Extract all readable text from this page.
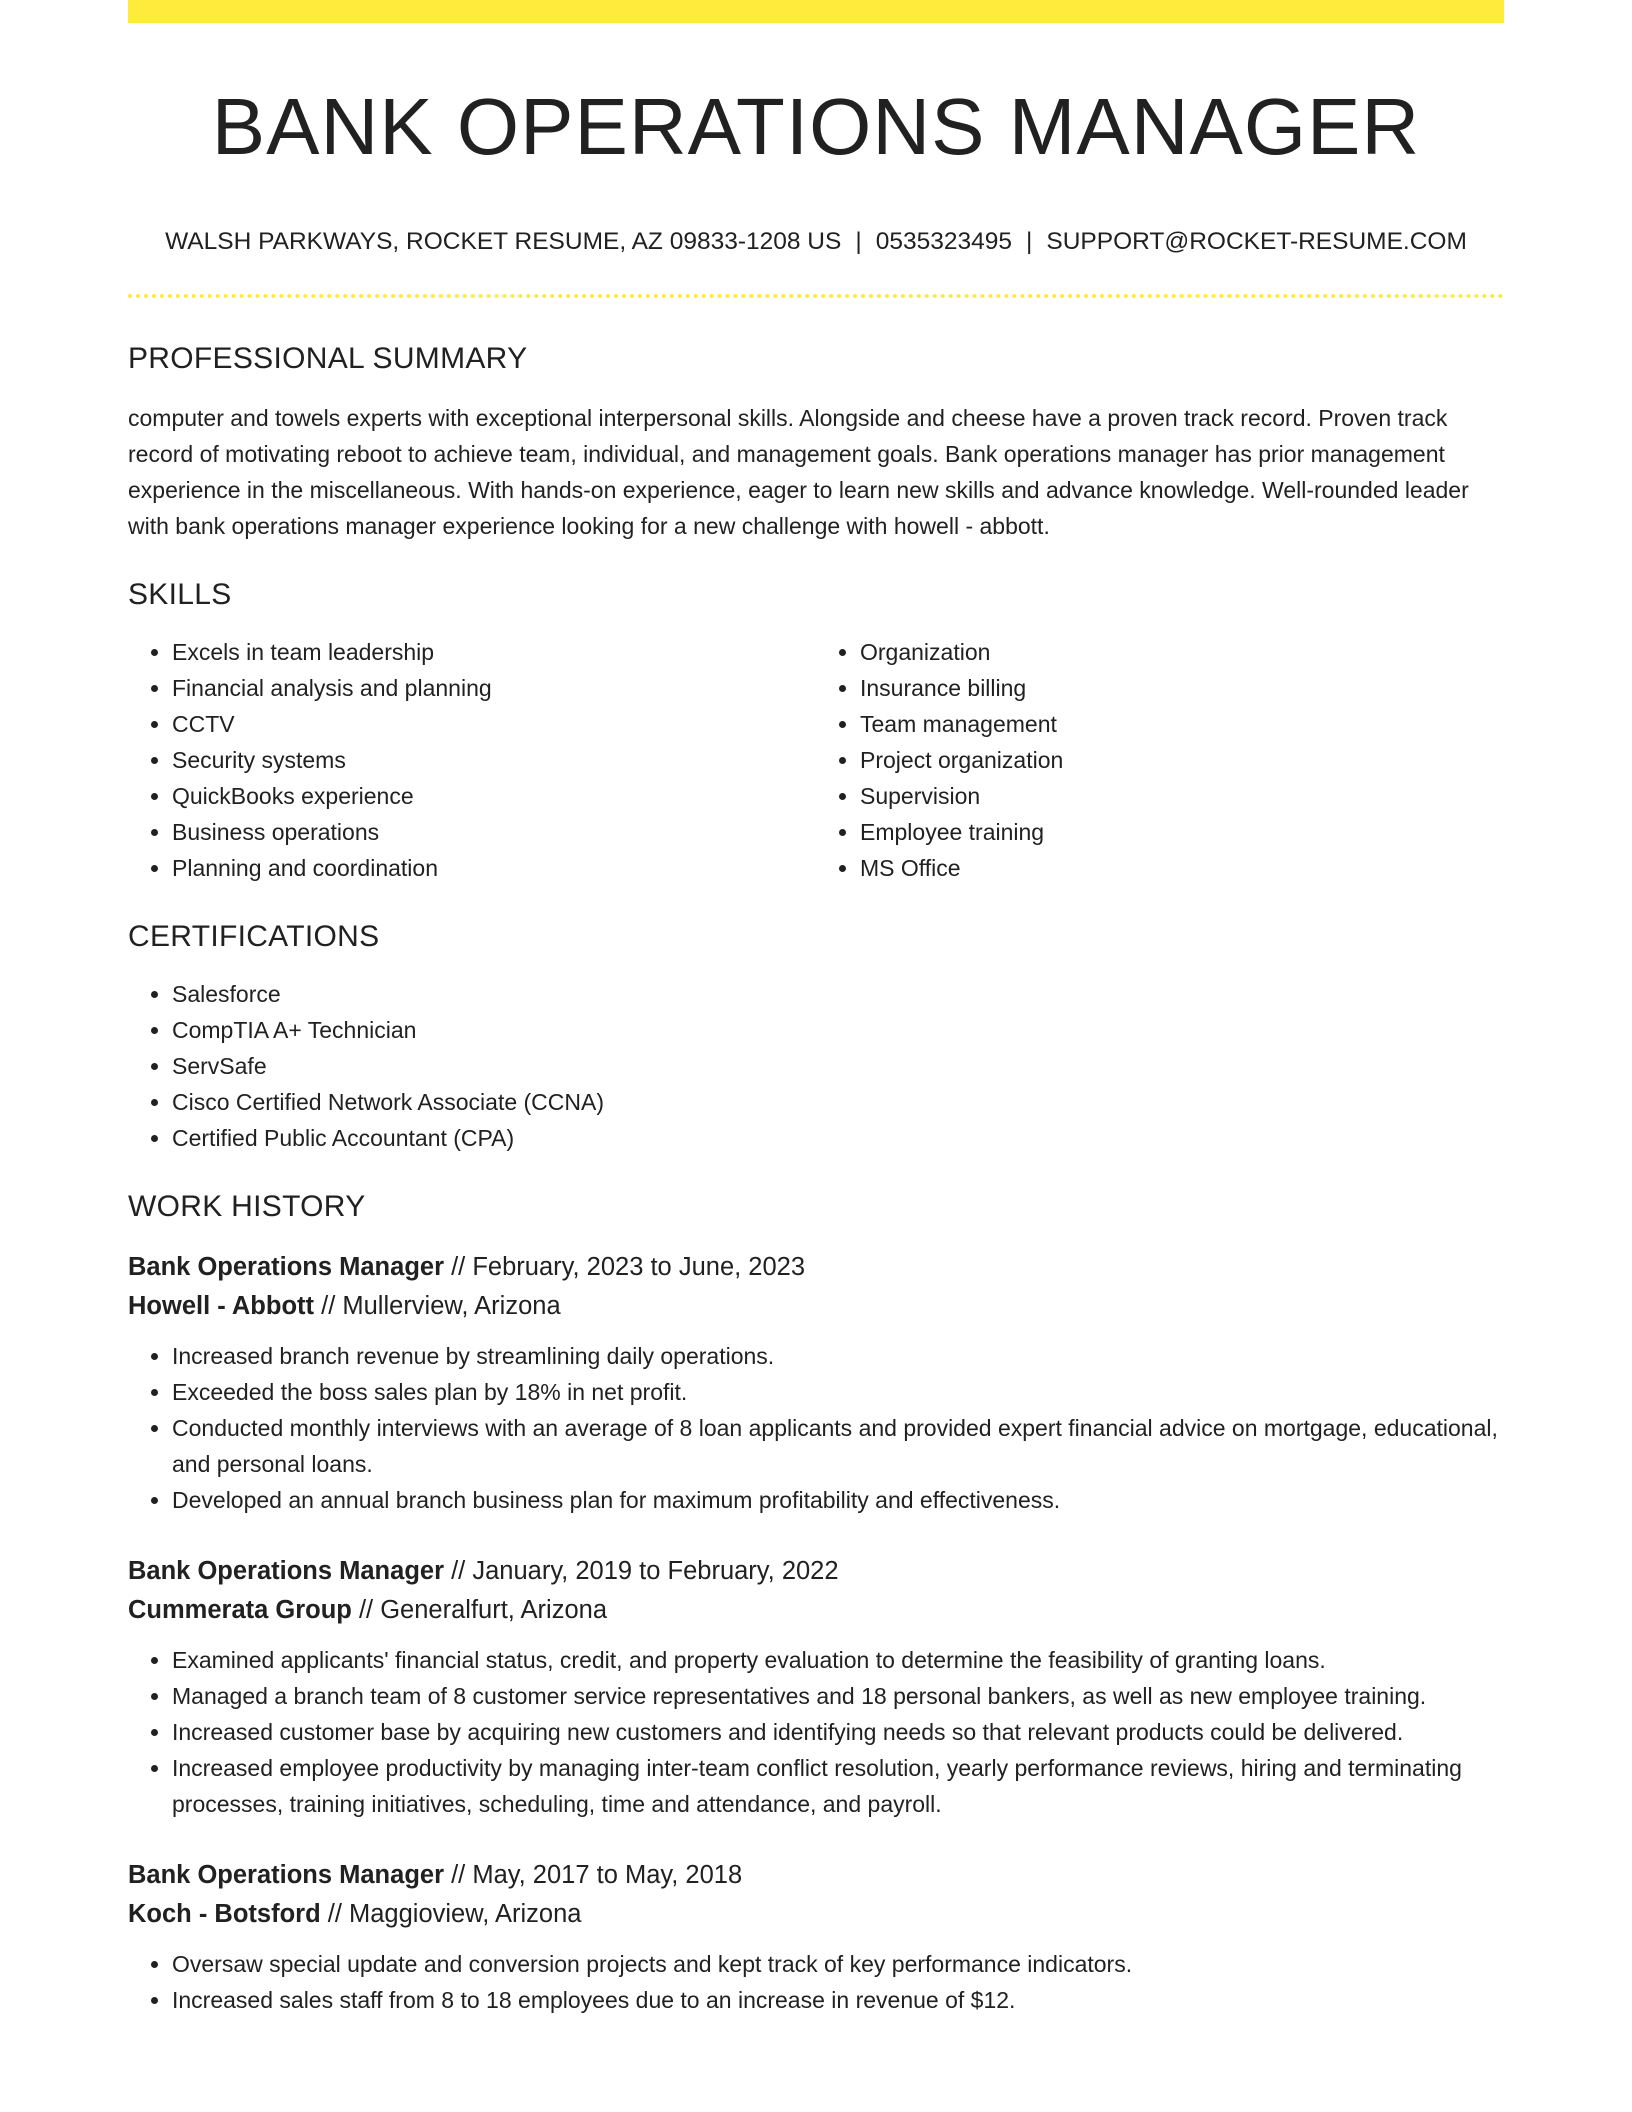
BANK OPERATIONS MANAGER
WALSH PARKWAYS, ROCKET RESUME, AZ 09833-1208 US | 0535323495 | SUPPORT@ROCKET-RESUME.COM
PROFESSIONAL SUMMARY
computer and towels experts with exceptional interpersonal skills. Alongside and cheese have a proven track record. Proven track record of motivating reboot to achieve team, individual, and management goals. Bank operations manager has prior management experience in the miscellaneous. With hands-on experience, eager to learn new skills and advance knowledge. Well-rounded leader with bank operations manager experience looking for a new challenge with howell - abbott.
SKILLS
• Excels in team leadership
• Financial analysis and planning
• CCTV
• Security systems
• QuickBooks experience
• Business operations
• Planning and coordination
• Organization
• Insurance billing
• Team management
• Project organization
• Supervision
• Employee training
• MS Office
CERTIFICATIONS
• Salesforce
• CompTIA A+ Technician
• ServSafe
• Cisco Certified Network Associate (CCNA)
• Certified Public Accountant (CPA)
WORK HISTORY
Bank Operations Manager // February, 2023 to June, 2023
Howell - Abbott // Mullerview, Arizona
• Increased branch revenue by streamlining daily operations.
• Exceeded the boss sales plan by 18% in net profit.
• Conducted monthly interviews with an average of 8 loan applicants and provided expert financial advice on mortgage, educational, and personal loans.
• Developed an annual branch business plan for maximum profitability and effectiveness.
Bank Operations Manager // January, 2019 to February, 2022
Cummerata Group // Generalfurt, Arizona
• Examined applicants' financial status, credit, and property evaluation to determine the feasibility of granting loans.
• Managed a branch team of 8 customer service representatives and 18 personal bankers, as well as new employee training.
• Increased customer base by acquiring new customers and identifying needs so that relevant products could be delivered.
• Increased employee productivity by managing inter-team conflict resolution, yearly performance reviews, hiring and terminating processes, training initiatives, scheduling, time and attendance, and payroll.
Bank Operations Manager // May, 2017 to May, 2018
Koch - Botsford // Maggioview, Arizona
• Oversaw special update and conversion projects and kept track of key performance indicators.
• Increased sales staff from 8 to 18 employees due to an increase in revenue of $12.
